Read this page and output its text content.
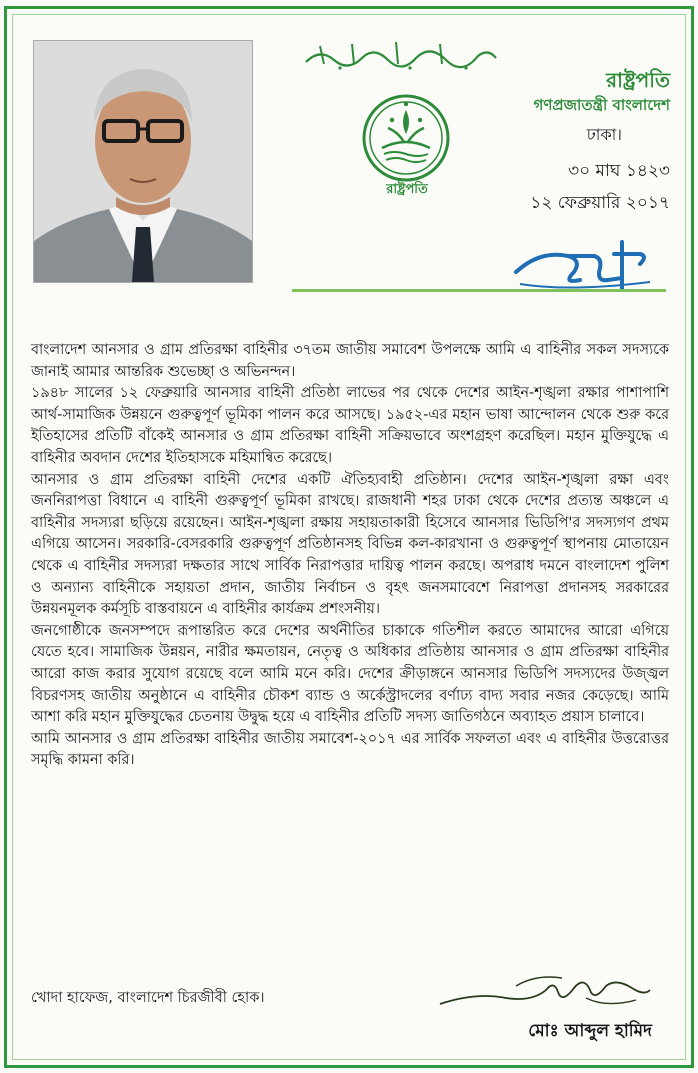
রাষ্ট্রপতি
রাষ্ট্রপতি
গণপ্রজাতন্ত্রী বাংলাদেশ
ঢাকা।
৩০ মাঘ ১৪২৩
১২ ফেব্রুয়ারি ২০১৭

বাংলাদেশ আনসার ও গ্রাম প্রতিরক্ষা বাহিনীর ৩৭তম জাতীয় সমাবেশ উপলক্ষে আমি এ বাহিনীর সকল সদস্যকে জানাই আমার আন্তরিক শুভেচ্ছা ও অভিনন্দন।

১৯৪৮ সালের ১২ ফেব্রুয়ারি আনসার বাহিনী প্রতিষ্ঠা লাভের পর থেকে দেশের আইন-শৃঙ্খলা রক্ষার পাশাপাশি আর্থ-সামাজিক উন্নয়নে গুরুত্বপূর্ণ ভূমিকা পালন করে আসছে। ১৯৫২-এর মহান ভাষা আন্দোলন থেকে শুরু করে ইতিহাসের প্রতিটি বাঁকেই আনসার ও গ্রাম প্রতিরক্ষা বাহিনী সক্রিয়ভাবে অংশগ্রহণ করেছিল। মহান মুক্তিযুদ্ধে এ বাহিনীর অবদান দেশের ইতিহাসকে মহিমান্বিত করেছে।

আনসার ও গ্রাম প্রতিরক্ষা বাহিনী দেশের একটি ঐতিহ্যবাহী প্রতিষ্ঠান। দেশের আইন-শৃঙ্খলা রক্ষা এবং জননিরাপত্তা বিধানে এ বাহিনী গুরুত্বপূর্ণ ভূমিকা রাখছে। রাজধানী শহর ঢাকা থেকে দেশের প্রত্যন্ত অঞ্চলে এ বাহিনীর সদস্যরা ছড়িয়ে রয়েছেন। আইন-শৃঙ্খলা রক্ষায় সহায়তাকারী হিসেবে আনসার ভিডিপি'র সদস্যগণ প্রথম এগিয়ে আসেন। সরকারি-বেসরকারি গুরুত্বপূর্ণ প্রতিষ্ঠানসহ বিভিন্ন কল-কারখানা ও গুরুত্বপূর্ণ স্থাপনায় মোতায়েন থেকে এ বাহিনীর সদস্যরা দক্ষতার সাথে সার্বিক নিরাপত্তার দায়িত্ব পালন করছে। অপরাধ দমনে বাংলাদেশ পুলিশ ও অন্যান্য বাহিনীকে সহায়তা প্রদান, জাতীয় নির্বাচন ও বৃহৎ জনসমাবেশে নিরাপত্তা প্রদানসহ সরকারের উন্নয়নমূলক কর্মসূচি বাস্তবায়নে এ বাহিনীর কার্যক্রম প্রশংসনীয়।

জনগোষ্ঠীকে জনসম্পদে রূপান্তরিত করে দেশের অর্থনীতির চাকাকে গতিশীল করতে আমাদের আরো এগিয়ে যেতে হবে। সামাজিক উন্নয়ন, নারীর ক্ষমতায়ন, নেতৃত্ব ও অধিকার প্রতিষ্ঠায় আনসার ও গ্রাম প্রতিরক্ষা বাহিনীর আরো কাজ করার সুযোগ রয়েছে বলে আমি মনে করি। দেশের ক্রীড়াঙ্গনে আনসার ভিডিপি সদস্যদের উজ্জ্বল বিচরণসহ জাতীয় অনুষ্ঠানে এ বাহিনীর চৌকশ ব্যান্ড ও অর্কেস্ট্রাদলের বর্ণাঢ্য বাদ্য সবার নজর কেড়েছে। আমি আশা করি মহান মুক্তিযুদ্ধের চেতনায় উদ্বুদ্ধ হয়ে এ বাহিনীর প্রতিটি সদস্য জাতিগঠনে অব্যাহত প্রয়াস চালাবে।

আমি আনসার ও গ্রাম প্রতিরক্ষা বাহিনীর জাতীয় সমাবেশ-২০১৭ এর সার্বিক সফলতা এবং এ বাহিনীর উত্তরোত্তর সমৃদ্ধি কামনা করি।

খোদা হাফেজ, বাংলাদেশ চিরজীবী হোক।
মোঃ আব্দুল হামিদ
